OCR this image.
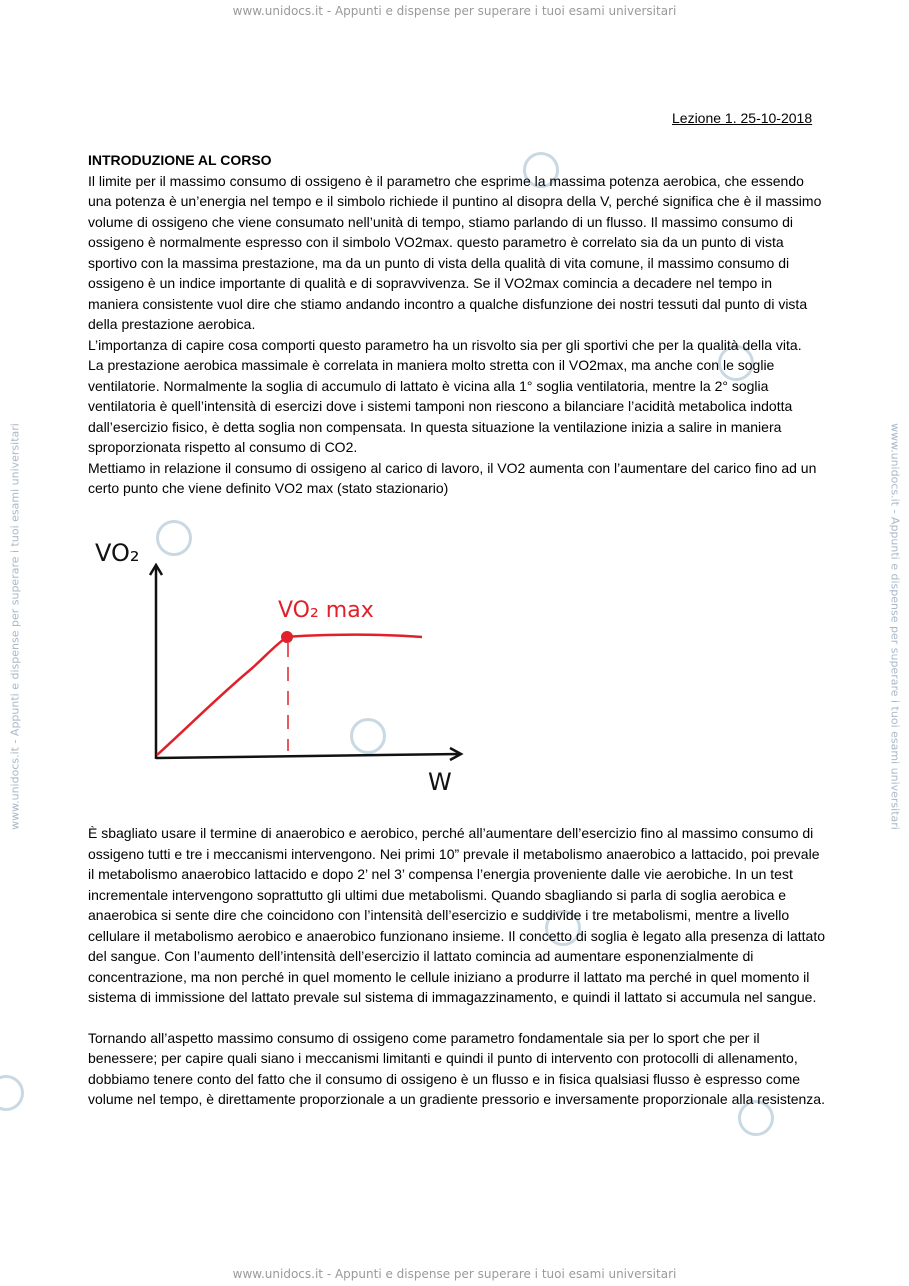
www.unidocs.it - Appunti e dispense per superare i tuoi esami universitari
www.unidocs.it - Appunti e dispense per superare i tuoi esami universitari	www.unidocs.it - Appunti e dispense per superare i tuoi esami universitari
Lezione 1. 25-10-2018

INTRODUZIONE AL CORSO

Il limite per il massimo consumo di ossigeno è il parametro che esprime la massima potenza aerobica, che essendo una potenza è un’energia nel tempo e il simbolo richiede il puntino al disopra della V, perché significa che è il massimo volume di ossigeno che viene consumato nell’unità di tempo, stiamo parlando di un flusso. Il massimo consumo di ossigeno è normalmente espresso con il simbolo VO2max. questo parametro è correlato sia da un punto di vista sportivo con la massima prestazione, ma da un punto di vista della qualità di vita comune, il massimo consumo di ossigeno è un indice importante di qualità e di sopravvivenza. Se il VO2max comincia a decadere nel tempo in maniera consistente vuol dire che stiamo andando incontro a qualche disfunzione dei nostri tessuti dal punto di vista della prestazione aerobica.

L’importanza di capire cosa comporti questo parametro ha un risvolto sia per gli sportivi che per la qualità della vita.

La prestazione aerobica massimale è correlata in maniera molto stretta con il VO2max, ma anche con le soglie ventilatorie. Normalmente la soglia di accumulo di lattato è vicina alla 1° soglia ventilatoria, mentre la 2° soglia ventilatoria è quell’intensità di esercizi dove i sistemi tamponi non riescono a bilanciare l’acidità metabolica indotta dall’esercizio fisico, è detta soglia non compensata. In questa situazione la ventilazione inizia a salire in maniera sproporzionata rispetto al consumo di CO2.

Mettiamo in relazione il consumo di ossigeno al carico di lavoro, il VO2 aumenta con l’aumentare del carico fino ad un certo punto che viene definito VO2 max (stato stazionario)

VO₂
W
VO₂ max

È sbagliato usare il termine di anaerobico e aerobico, perché all’aumentare dell’esercizio fino al massimo consumo di ossigeno tutti e tre i meccanismi intervengono. Nei primi 10” prevale il metabolismo anaerobico a lattacido, poi prevale il metabolismo anaerobico lattacido e dopo 2’ nel 3’ compensa l’energia proveniente dalle vie aerobiche. In un test incrementale intervengono soprattutto gli ultimi due metabolismi. Quando sbagliando si parla di soglia aerobica e anaerobica si sente dire che coincidono con l’intensità dell’esercizio e suddivide i tre metabolismi, mentre a livello cellulare il metabolismo aerobico e anaerobico funzionano insieme. Il concetto di soglia è legato alla presenza di lattato del sangue. Con l’aumento dell’intensità dell’esercizio il lattato comincia ad aumentare esponenzialmente di concentrazione, ma non perché in quel momento le cellule iniziano a produrre il lattato ma perché in quel momento il sistema di immissione del lattato prevale sul sistema di immagazzinamento, e quindi il lattato si accumula nel sangue.

Tornando all’aspetto massimo consumo di ossigeno come parametro fondamentale sia per lo sport che per il benessere; per capire quali siano i meccanismi limitanti e quindi il punto di intervento con protocolli di allenamento, dobbiamo tenere conto del fatto che il consumo di ossigeno è un flusso e in fisica qualsiasi flusso è espresso come volume nel tempo, è direttamente proporzionale a un gradiente pressorio e inversamente proporzionale alla resistenza.

www.unidocs.it - Appunti e dispense per superare i tuoi esami universitari
